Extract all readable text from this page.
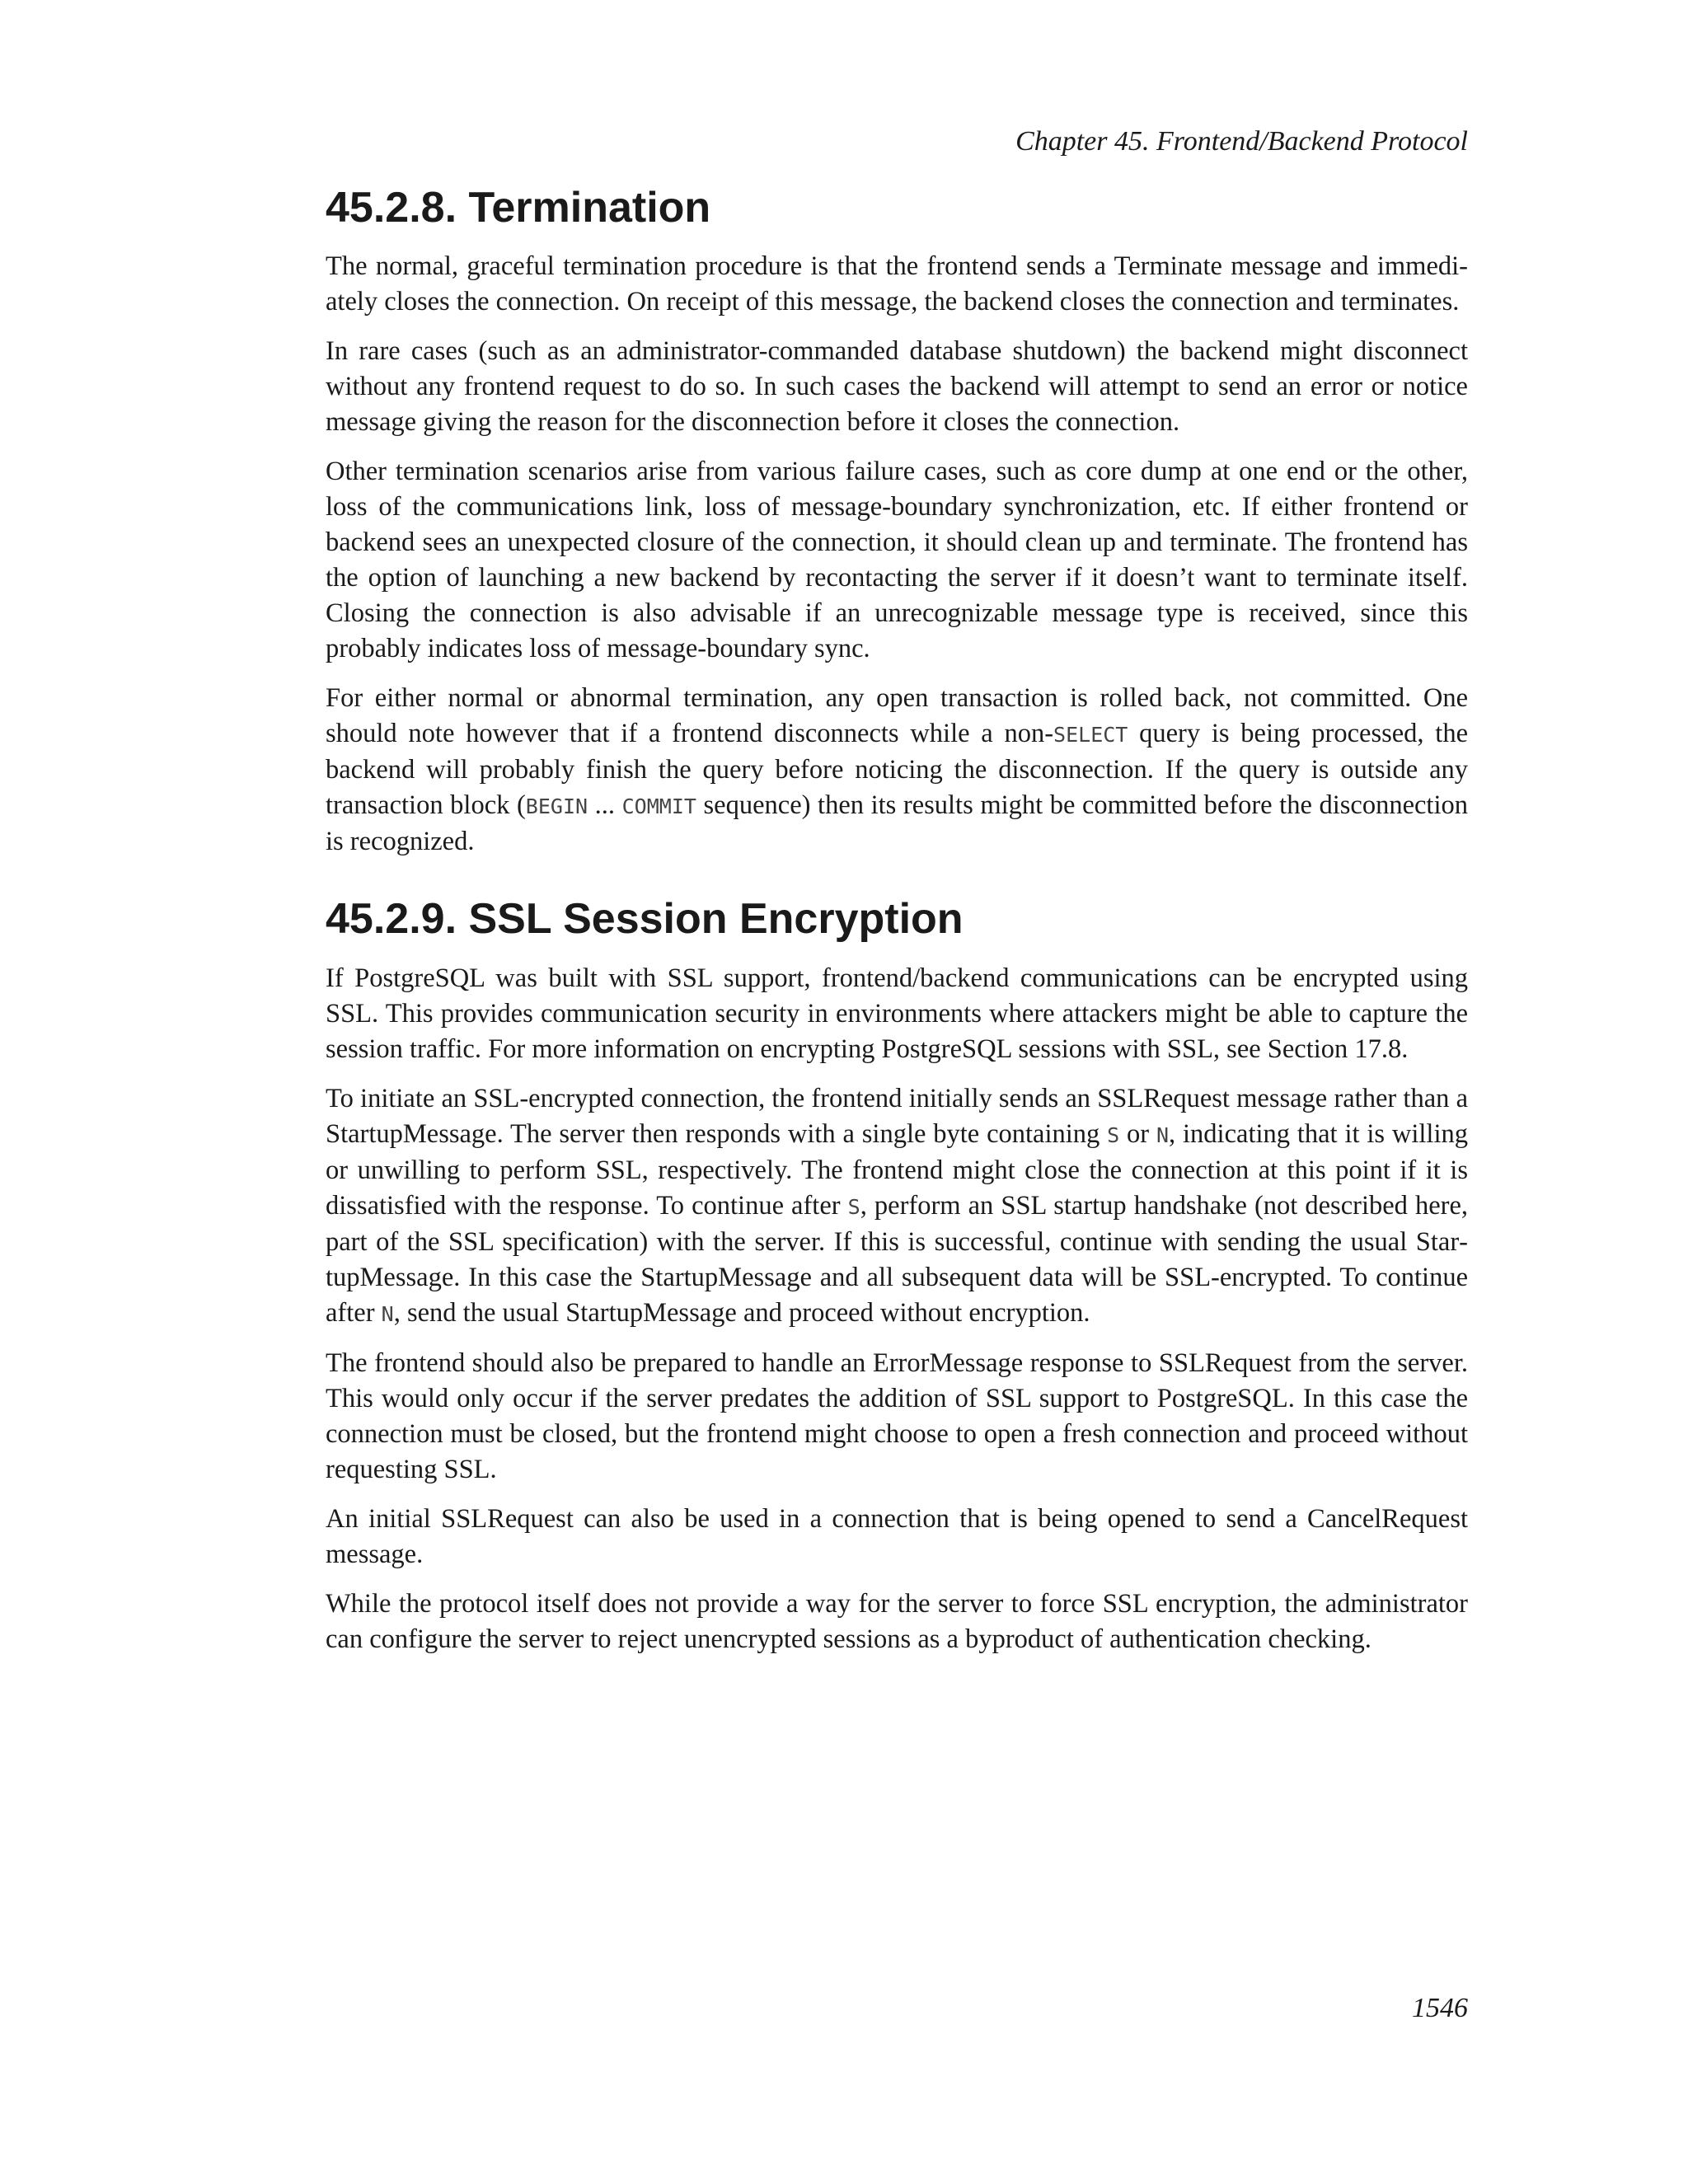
Chapter 45. Frontend/Backend Protocol
45.2.8. Termination

The normal, graceful termination procedure is that the frontend sends a Terminate message and immediately closes the connection. On receipt of this message, the backend closes the connection and terminates.

In rare cases (such as an administrator-commanded database shutdown) the backend might disconnect without any frontend request to do so. In such cases the backend will attempt to send an error or notice message giving the reason for the disconnection before it closes the connection.

Other termination scenarios arise from various failure cases, such as core dump at one end or the other, loss of the communications link, loss of message-boundary synchronization, etc. If either frontend or backend sees an unexpected closure of the connection, it should clean up and terminate. The frontend has the option of launching a new backend by recontacting the server if it doesn’t want to terminate itself. Closing the connection is also advisable if an unrecognizable message type is received, since this probably indicates loss of message-boundary sync.

For either normal or abnormal termination, any open transaction is rolled back, not committed. One should note however that if a frontend disconnects while a non-SELECT query is being processed, the backend will probably finish the query before noticing the disconnection. If the query is outside any transaction block (BEGIN ... COMMIT sequence) then its results might be committed before the disconnection is recognized.

45.2.9. SSL Session Encryption

If PostgreSQL was built with SSL support, frontend/backend communications can be encrypted using SSL. This provides communication security in environments where attackers might be able to capture the session traffic. For more information on encrypting PostgreSQL sessions with SSL, see Section 17.8.

To initiate an SSL-encrypted connection, the frontend initially sends an SSLRequest message rather than a StartupMessage. The server then responds with a single byte containing S or N, indicating that it is willing or unwilling to perform SSL, respectively. The frontend might close the connection at this point if it is dissatisfied with the response. To continue after S, perform an SSL startup handshake (not described here, part of the SSL specification) with the server. If this is successful, continue with sending the usual StartupMessage. In this case the StartupMessage and all subsequent data will be SSL-encrypted. To continue after N, send the usual StartupMessage and proceed without encryption.

The frontend should also be prepared to handle an ErrorMessage response to SSLRequest from the server. This would only occur if the server predates the addition of SSL support to PostgreSQL. In this case the connection must be closed, but the frontend might choose to open a fresh connection and proceed without requesting SSL.

An initial SSLRequest can also be used in a connection that is being opened to send a CancelRequest message.

While the protocol itself does not provide a way for the server to force SSL encryption, the administrator can configure the server to reject unencrypted sessions as a byproduct of authentication checking.

1546
